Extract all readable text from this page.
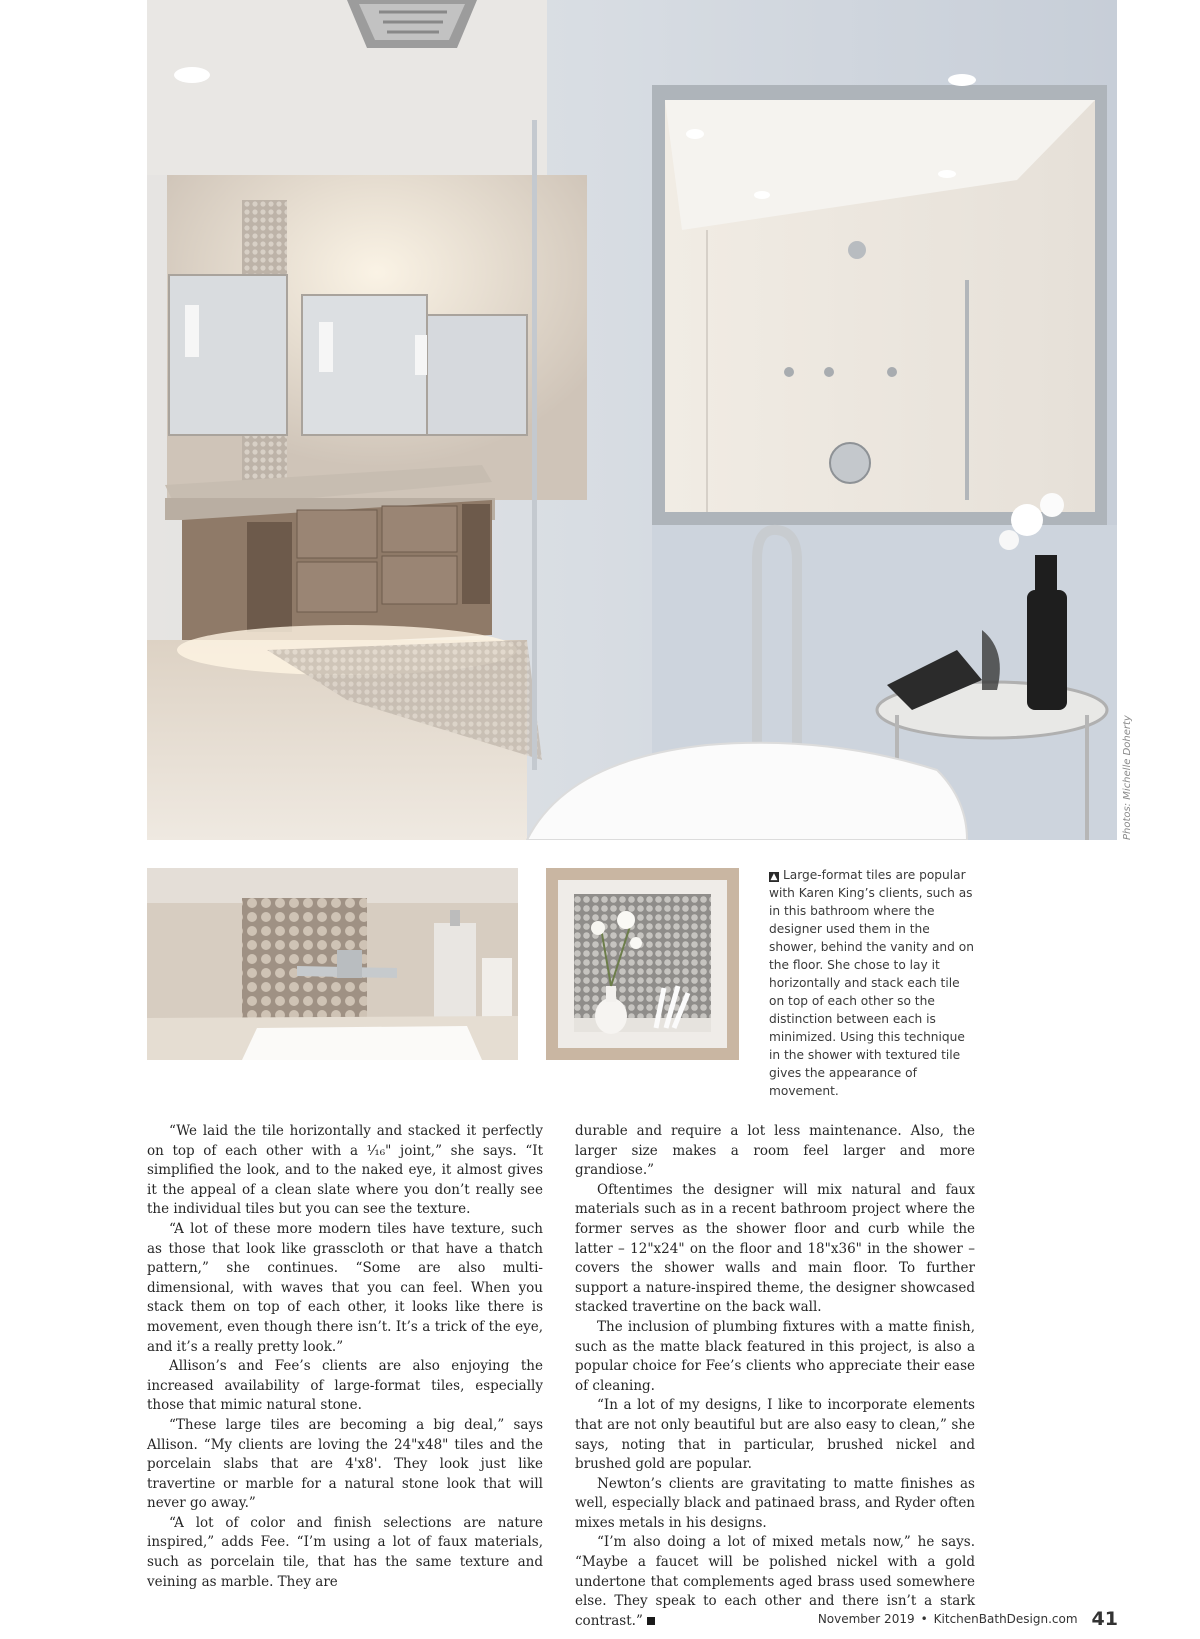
Photos: Michelle Doherty
▲ Large-format tiles are popular with Karen King’s clients, such as in this bathroom where the designer used them in the shower, behind the vanity and on the floor. She chose to lay it horizontally and stack each tile on top of each other so the distinction between each is minimized. Using this technique in the shower with textured tile gives the appearance of movement.

“We laid the tile horizontally and stacked it perfectly on top of each other with a ¹⁄₁₆" joint,” she says. “It simplified the look, and to the naked eye, it almost gives it the appeal of a clean slate where you don’t really see the individual tiles but you can see the texture.

“A lot of these more modern tiles have texture, such as those that look like grasscloth or that have a thatch pattern,” she continues. “Some are also multi-dimensional, with waves that you can feel. When you stack them on top of each other, it looks like there is movement, even though there isn’t. It’s a trick of the eye, and it’s a really pretty look.”

Allison’s and Fee’s clients are also enjoying the increased availability of large-format tiles, especially those that mimic natural stone.

“These large tiles are becoming a big deal,” says Allison. “My clients are loving the 24"x48" tiles and the porcelain slabs that are 4'x8'. They look just like travertine or marble for a natural stone look that will never go away.”

“A lot of color and finish selections are nature inspired,” adds Fee. “I’m using a lot of faux materials, such as porcelain tile, that has the same texture and veining as marble. They are

durable and require a lot less maintenance. Also, the larger size makes a room feel larger and more grandiose.”

Oftentimes the designer will mix natural and faux materials such as in a recent bathroom project where the former serves as the shower floor and curb while the latter – 12"x24" on the floor and 18"x36" in the shower – covers the shower walls and main floor. To further support a nature-inspired theme, the designer showcased stacked travertine on the back wall.

The inclusion of plumbing fixtures with a matte finish, such as the matte black featured in this project, is also a popular choice for Fee’s clients who appreciate their ease of cleaning.

“In a lot of my designs, I like to incorporate elements that are not only beautiful but are also easy to clean,” she says, noting that in particular, brushed nickel and brushed gold are popular.

Newton’s clients are gravitating to matte finishes as well, especially black and patinaed brass, and Ryder often mixes metals in his designs.

“I’m also doing a lot of mixed metals now,” he says. “Maybe a faucet will be polished nickel with a gold undertone that complements aged brass used somewhere else. They speak to each other and there isn’t a stark contrast.”	November 2019 • KitchenBathDesign.com 41
